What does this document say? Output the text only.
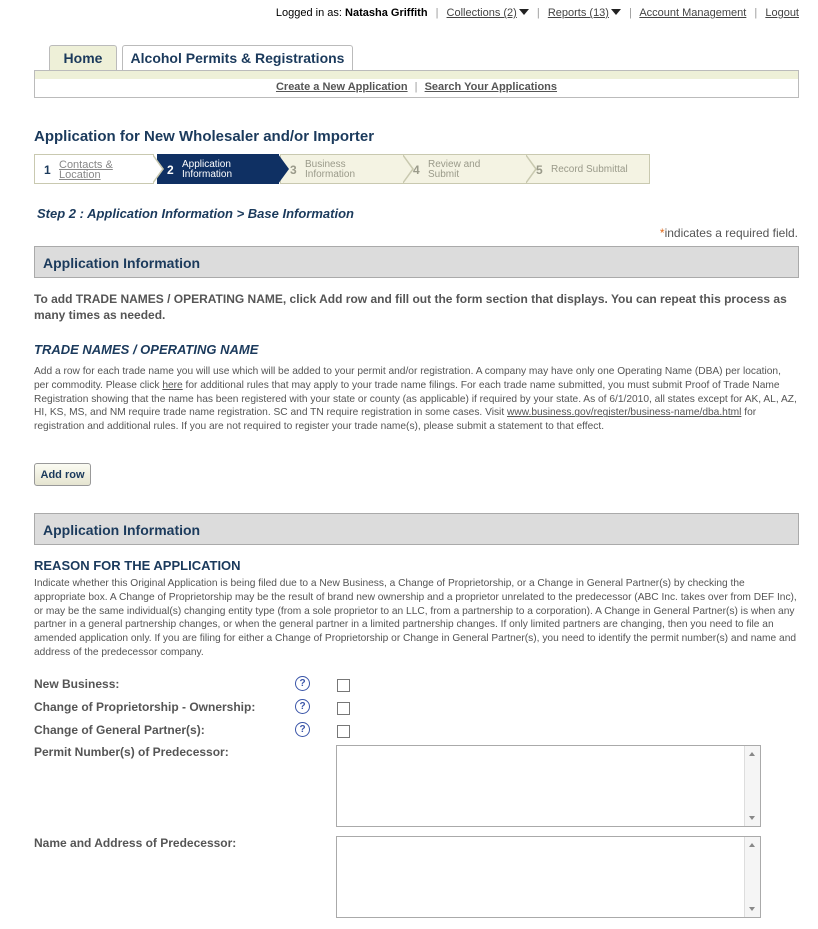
Logged in as: Natasha Griffith | Collections (2) | Reports (13) | Account Management | Logout
Home	Alcohol Permits & Registrations
Create a New Application | Search Your Applications
Application for New Wholesaler and/or Importer
1 Contacts &
Location	2 Application
Information	3 Business
Information	4 Review and
Submit	5 Record Submittal
Step 2 : Application Information > Base Information
*indicates a required field.
Application Information
To add TRADE NAMES / OPERATING NAME, click Add row and fill out the form section that displays. You can repeat this process as many times as needed.
TRADE NAMES / OPERATING NAME
Add a row for each trade name you will use which will be added to your permit and/or registration. A company may have only one Operating Name (DBA) per location, per commodity. Please click here for additional rules that may apply to your trade name filings. For each trade name submitted, you must submit Proof of Trade Name Registration showing that the name has been registered with your state or county (as applicable) if required by your state. As of 6/1/2010, all states except for AK, AL, AZ, HI, KS, MS, and NM require trade name registration. SC and TN require registration in some cases. Visit www.business.gov/register/business-name/dba.html for registration and additional rules. If you are not required to register your trade name(s), please submit a statement to that effect.
Add row
Application Information
REASON FOR THE APPLICATION
Indicate whether this Original Application is being filed due to a New Business, a Change of Proprietorship, or a Change in General Partner(s) by checking the appropriate box. A Change of Proprietorship may be the result of brand new ownership and a proprietor unrelated to the predecessor (ABC Inc. takes over from DEF Inc), or may be the same individual(s) changing entity type (from a sole proprietor to an LLC, from a partnership to a corporation). A Change in General Partner(s) is when any partner in a general partnership changes, or when the general partner in a limited partnership changes. If only limited partners are changing, then you need to file an amended application only. If you are filing for either a Change of Proprietorship or Change in General Partner(s), you need to identify the permit number(s) and name and address of the predecessor company.
New Business:	?
Change of Proprietorship - Ownership:	?
Change of General Partner(s):	?
Permit Number(s) of Predecessor:
Name and Address of Predecessor:
